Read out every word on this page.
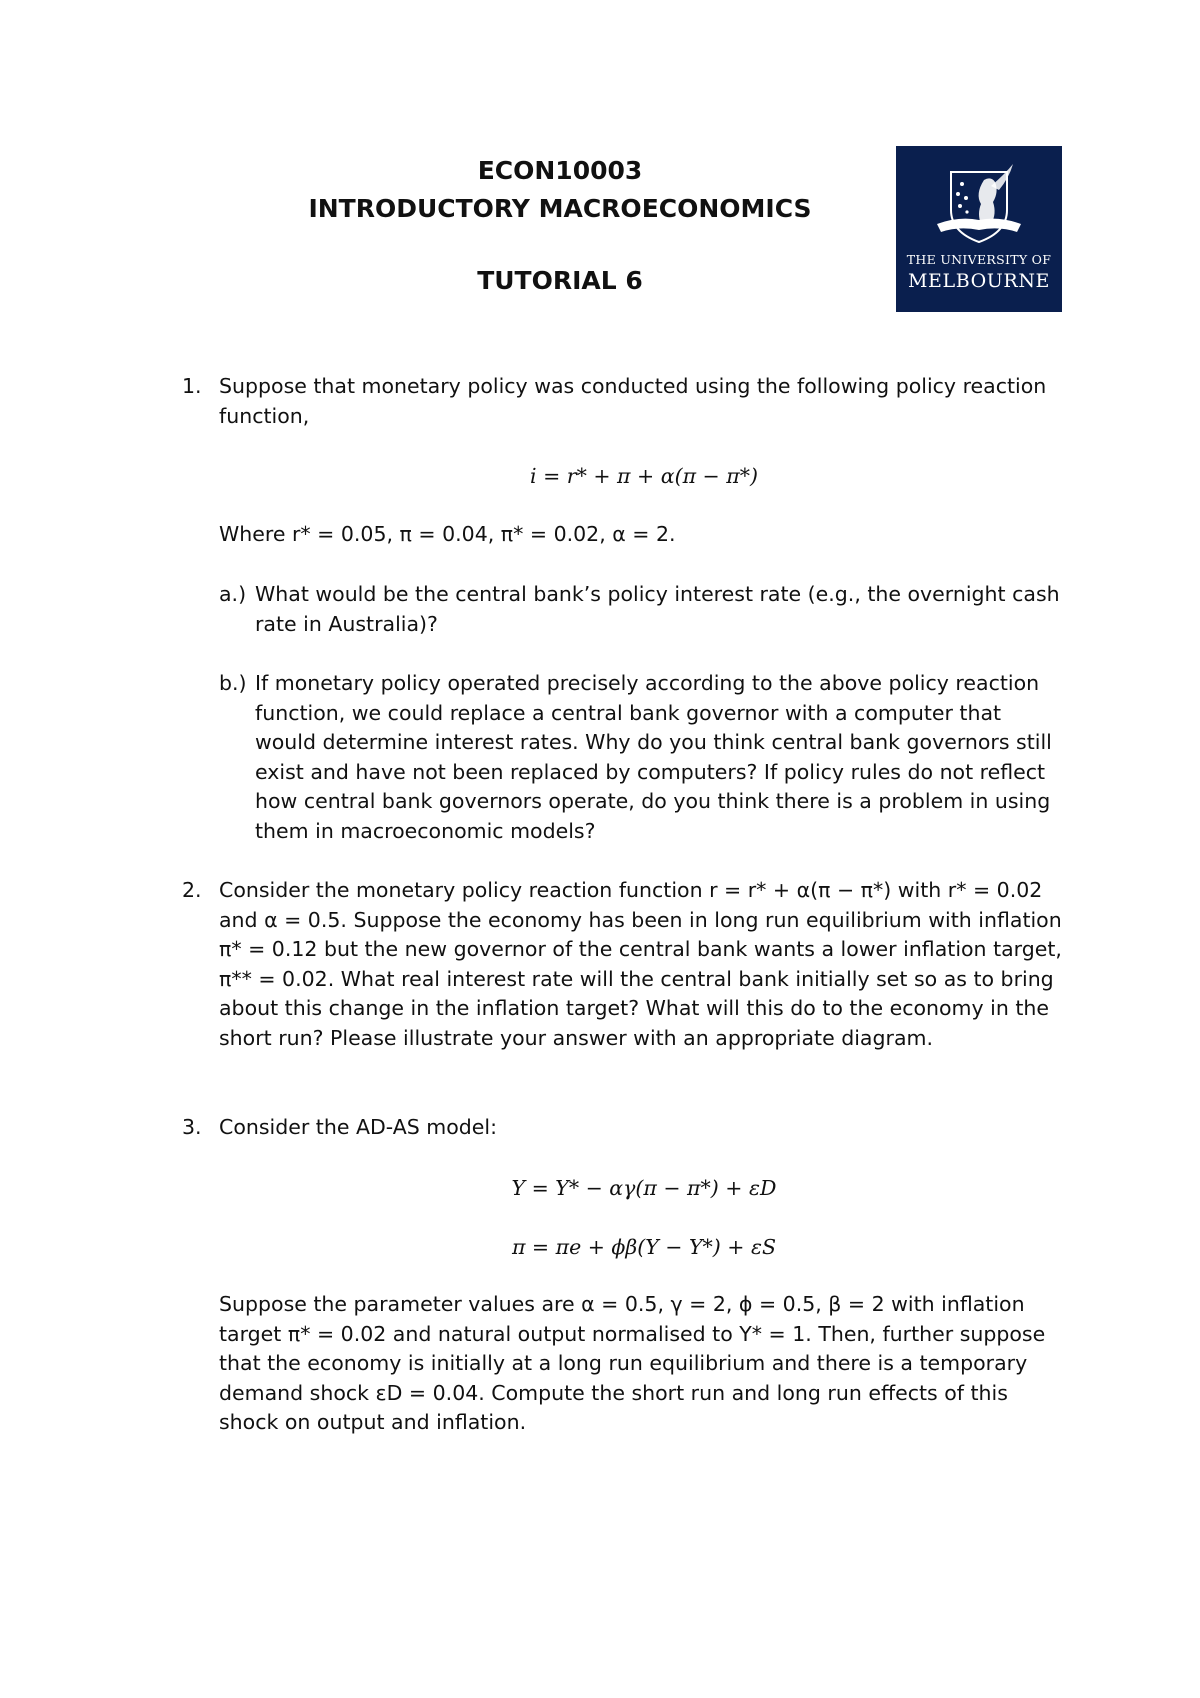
ECON10003
INTRODUCTORY MACROECONOMICS
TUTORIAL 6
THE UNIVERSITY OF
MELBOURNE
1. Suppose that monetary policy was conducted using the following policy reaction function,
i = r* + π + α(π − π*)
Where r* = 0.05, π = 0.04, π* = 0.02, α = 2.
a.) What would be the central bank’s policy interest rate (e.g., the overnight cash rate in Australia)?
b.) If monetary policy operated precisely according to the above policy reaction function, we could replace a central bank governor with a computer that would determine interest rates. Why do you think central bank governors still exist and have not been replaced by computers? If policy rules do not reflect how central bank governors operate, do you think there is a problem in using them in macroeconomic models?
2. Consider the monetary policy reaction function r = r* + α(π − π*) with r* = 0.02 and α = 0.5. Suppose the economy has been in long run equilibrium with inflation π* = 0.12 but the new governor of the central bank wants a lower inflation target, π** = 0.02. What real interest rate will the central bank initially set so as to bring about this change in the inflation target? What will this do to the economy in the short run? Please illustrate your answer with an appropriate diagram.
3. Consider the AD-AS model:
Y = Y* − αγ(π − π*) + εD
π = πe + ϕβ(Y − Y*) + εS
Suppose the parameter values are α = 0.5, γ = 2, ϕ = 0.5, β = 2 with inflation target π* = 0.02 and natural output normalised to Y* = 1. Then, further suppose that the economy is initially at a long run equilibrium and there is a temporary demand shock εD = 0.04. Compute the short run and long run effects of this shock on output and inflation.
